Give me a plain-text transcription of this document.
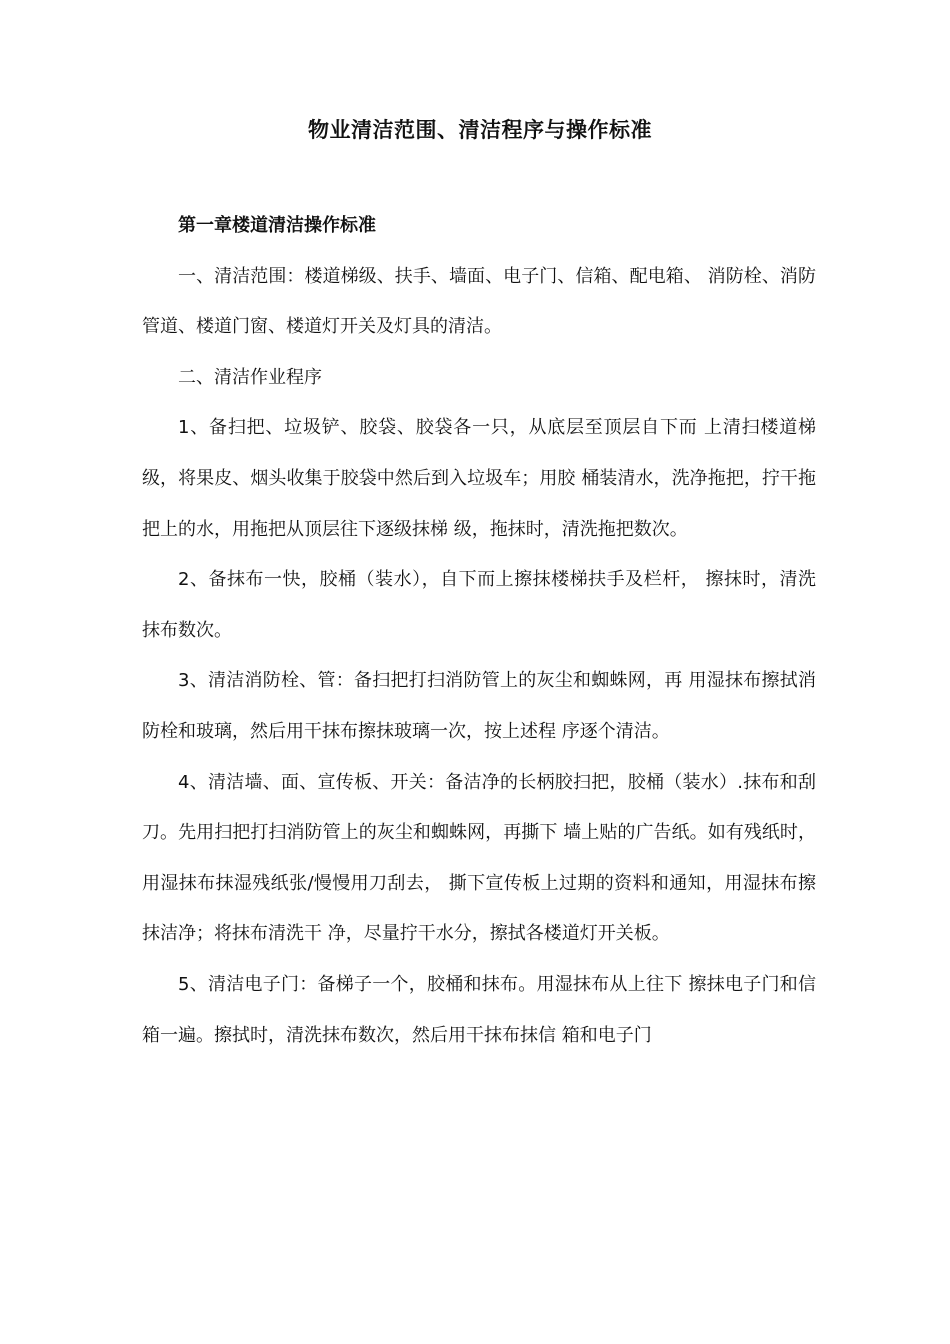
物业清洁范围、清洁程序与操作标准

第一章楼道清洁操作标准

一、清洁范围：楼道梯级、扶手、墙面、电子门、信箱、配电箱、 消防栓、消防管道、楼道门窗、楼道灯开关及灯具的清洁。

二、清洁作业程序

1、备扫把、垃圾铲、胶袋、胶袋各一只，从底层至顶层自下而 上清扫楼道梯级，将果皮、烟头收集于胶袋中然后到入垃圾车；用胶 桶装清水，洗净拖把，拧干拖把上的水，用拖把从顶层往下逐级抹梯 级，拖抹时，清洗拖把数次。

2、备抹布一快，胶桶（装水），自下而上擦抹楼梯扶手及栏杆， 擦抹时，清洗抹布数次。

3、清洁消防栓、管：备扫把打扫消防管上的灰尘和蜘蛛网，再 用湿抹布擦拭消防栓和玻璃，然后用干抹布擦抹玻璃一次，按上述程 序逐个清洁。

4、清洁墙、面、宣传板、开关：备洁净的长柄胶扫把，胶桶（装水）.抹布和刮刀。先用扫把打扫消防管上的灰尘和蜘蛛网，再撕下 墙上贴的广告纸。如有残纸时，用湿抹布抹湿残纸张/慢慢用刀刮去， 撕下宣传板上过期的资料和通知，用湿抹布擦抹洁净；将抹布清洗干 净，尽量拧干水分，擦拭各楼道灯开关板。

5、清洁电子门：备梯子一个，胶桶和抹布。用湿抹布从上往下 擦抹电子门和信箱一遍。擦拭时，清洗抹布数次，然后用干抹布抹信 箱和电子门
